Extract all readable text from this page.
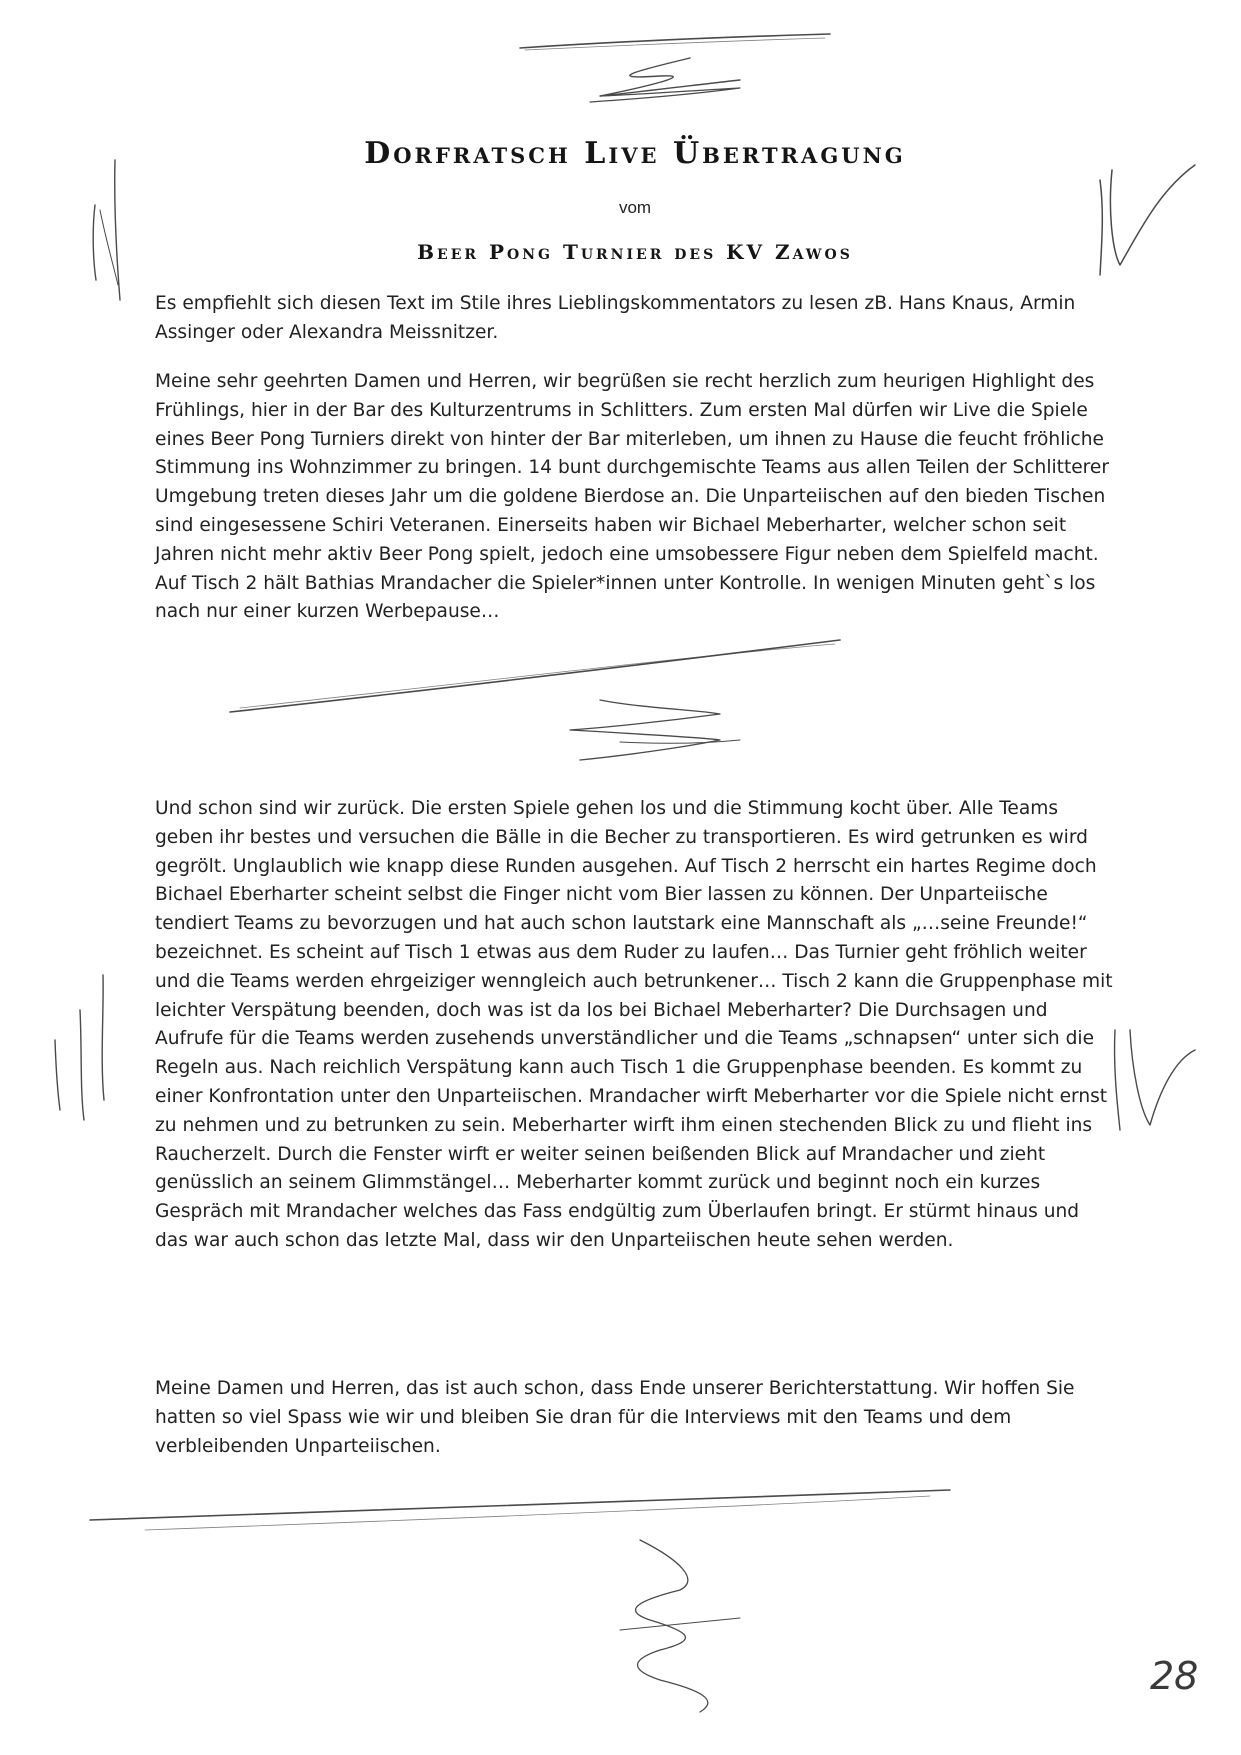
Dorfratsch Live Übertragung
vom
Beer Pong Turnier des KV Zawos

Es empfiehlt sich diesen Text im Stile ihres Lieblingskommentators zu lesen zB. Hans Knaus, Armin Assinger oder Alexandra Meissnitzer.

Meine sehr geehrten Damen und Herren, wir begrüßen sie recht herzlich zum heurigen Highlight des Frühlings, hier in der Bar des Kulturzentrums in Schlitters. Zum ersten Mal dürfen wir Live die Spiele eines Beer Pong Turniers direkt von hinter der Bar miterleben, um ihnen zu Hause die feucht fröhliche Stimmung ins Wohnzimmer zu bringen. 14 bunt durchgemischte Teams aus allen Teilen der Schlitterer Umgebung treten dieses Jahr um die goldene Bierdose an. Die Unparteiischen auf den bieden Tischen sind eingesessene Schiri Veteranen. Einerseits haben wir Bichael Meberharter, welcher schon seit Jahren nicht mehr aktiv Beer Pong spielt, jedoch eine umsobessere Figur neben dem Spielfeld macht. Auf Tisch 2 hält Bathias Mrandacher die Spieler*innen unter Kontrolle. In wenigen Minuten geht`s los nach nur einer kurzen Werbepause…

Und schon sind wir zurück. Die ersten Spiele gehen los und die Stimmung kocht über. Alle Teams geben ihr bestes und versuchen die Bälle in die Becher zu transportieren. Es wird getrunken es wird gegrölt. Unglaublich wie knapp diese Runden ausgehen. Auf Tisch 2 herrscht ein hartes Regime doch Bichael Eberharter scheint selbst die Finger nicht vom Bier lassen zu können. Der Unparteiische tendiert Teams zu bevorzugen und hat auch schon lautstark eine Mannschaft als „…seine Freunde!“ bezeichnet. Es scheint auf Tisch 1 etwas aus dem Ruder zu laufen… Das Turnier geht fröhlich weiter und die Teams werden ehrgeiziger wenngleich auch betrunkener… Tisch 2 kann die Gruppenphase mit leichter Verspätung beenden, doch was ist da los bei Bichael Meberharter? Die Durchsagen und Aufrufe für die Teams werden zusehends unverständlicher und die Teams „schnapsen“ unter sich die Regeln aus. Nach reichlich Verspätung kann auch Tisch 1 die Gruppenphase beenden. Es kommt zu einer Konfrontation unter den Unparteiischen. Mrandacher wirft Meberharter vor die Spiele nicht ernst zu nehmen und zu betrunken zu sein. Meberharter wirft ihm einen stechenden Blick zu und flieht ins Raucherzelt. Durch die Fenster wirft er weiter seinen beißenden Blick auf Mrandacher und zieht genüsslich an seinem Glimmstängel… Meberharter kommt zurück und beginnt noch ein kurzes Gespräch mit Mrandacher welches das Fass endgültig zum Überlaufen bringt. Er stürmt hinaus und das war auch schon das letzte Mal, dass wir den Unparteiischen heute sehen werden.

Meine Damen und Herren, das ist auch schon, dass Ende unserer Berichterstattung. Wir hoffen Sie hatten so viel Spass wie wir und bleiben Sie dran für die Interviews mit den Teams und dem verbleibenden Unparteiischen.

28
